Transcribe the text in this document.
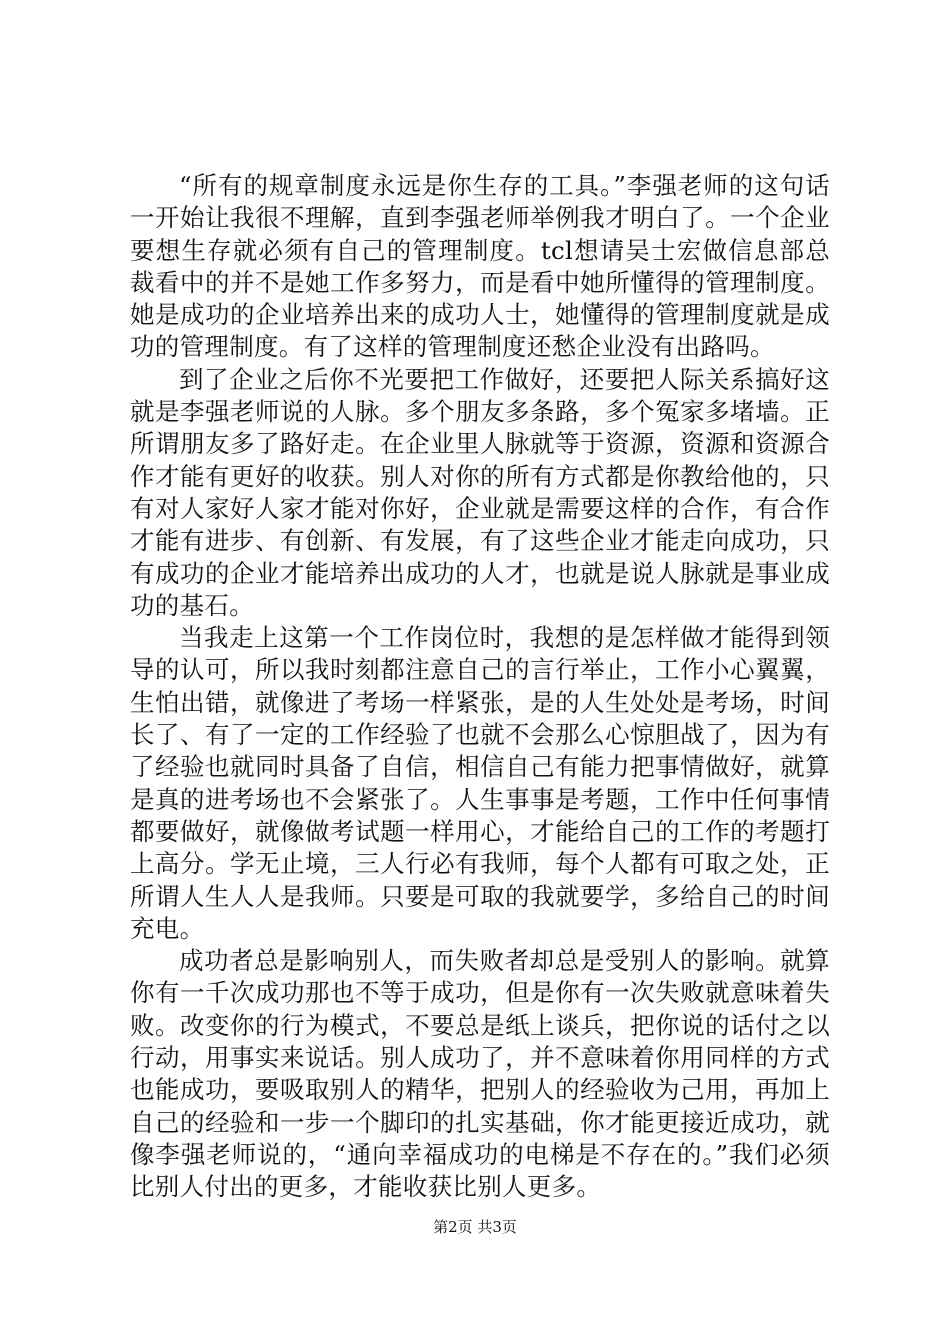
“所有的规章制度永远是你生存的工具。”李强老师的这句话一开始让我很不理解，直到李强老师举例我才明白了。一个企业要想生存就必须有自己的管理制度。tcl想请吴士宏做信息部总裁看中的并不是她工作多努力，而是看中她所懂得的管理制度。她是成功的企业培养出来的成功人士，她懂得的管理制度就是成功的管理制度。有了这样的管理制度还愁企业没有出路吗。

到了企业之后你不光要把工作做好，还要把人际关系搞好这就是李强老师说的人脉。多个朋友多条路，多个冤家多堵墙。正所谓朋友多了路好走。在企业里人脉就等于资源，资源和资源合作才能有更好的收获。别人对你的所有方式都是你教给他的，只有对人家好人家才能对你好，企业就是需要这样的合作，有合作才能有进步、有创新、有发展，有了这些企业才能走向成功，只有成功的企业才能培养出成功的人才，也就是说人脉就是事业成功的基石。

当我走上这第一个工作岗位时，我想的是怎样做才能得到领导的认可，所以我时刻都注意自己的言行举止，工作小心翼翼，生怕出错，就像进了考场一样紧张，是的人生处处是考场，时间长了、有了一定的工作经验了也就不会那么心惊胆战了，因为有了经验也就同时具备了自信，相信自己有能力把事情做好，就算是真的进考场也不会紧张了。人生事事是考题，工作中任何事情都要做好，就像做考试题一样用心，才能给自己的工作的考题打上高分。学无止境，三人行必有我师，每个人都有可取之处，正所谓人生人人是我师。只要是可取的我就要学，多给自己的时间充电。

成功者总是影响别人，而失败者却总是受别人的影响。就算你有一千次成功那也不等于成功，但是你有一次失败就意味着失败。改变你的行为模式，不要总是纸上谈兵，把你说的话付之以行动，用事实来说话。别人成功了，并不意味着你用同样的方式也能成功，要吸取别人的精华，把别人的经验收为己用，再加上自己的经验和一步一个脚印的扎实基础，你才能更接近成功，就像李强老师说的，“通向幸福成功的电梯是不存在的。”我们必须比别人付出的更多，才能收获比别人更多。

第2页 共3页
